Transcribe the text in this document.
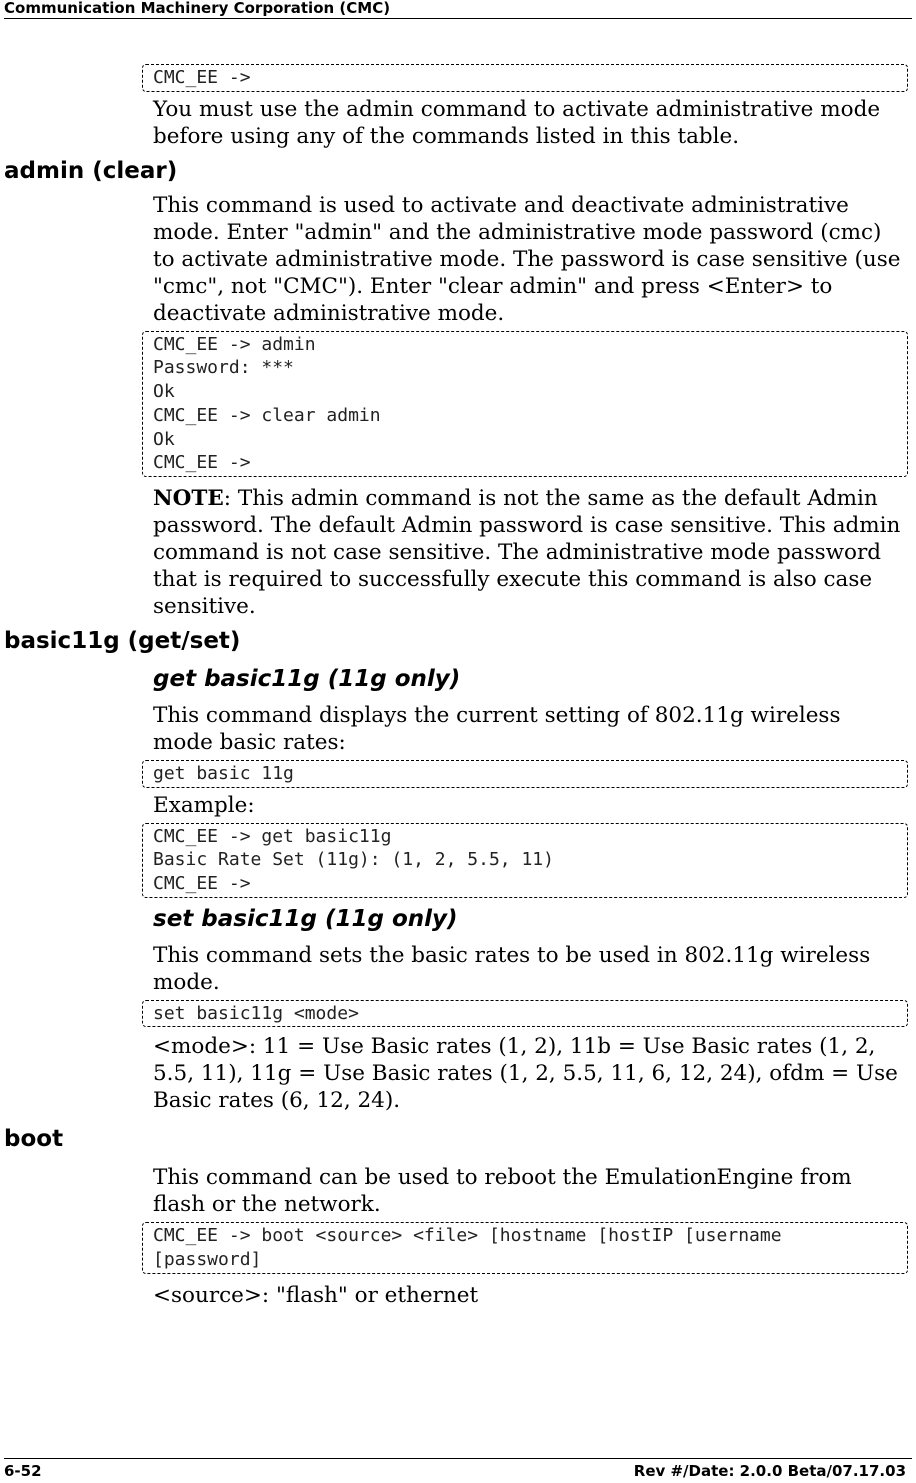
Communication Machinery Corporation (CMC)
CMC_EE ->
You must use the admin command to activate administrative mode before using any of the commands listed in this table.
admin (clear)
This command is used to activate and deactivate administrative mode. Enter "admin" and the administrative mode password (cmc) to activate administrative mode. The password is case sensitive (use "cmc", not "CMC"). Enter "clear admin" and press <Enter> to deactivate administrative mode.
CMC_EE -> admin
Password: ***
Ok
CMC_EE -> clear admin
Ok
CMC_EE ->
NOTE: This admin command is not the same as the default Admin password. The default Admin password is case sensitive. This admin command is not case sensitive. The administrative mode password that is required to successfully execute this command is also case sensitive.
basic11g (get/set)
get basic11g (11g only)
This command displays the current setting of 802.11g wireless mode basic rates:
get basic 11g
Example:
CMC_EE -> get basic11g
Basic Rate Set (11g): (1, 2, 5.5, 11)
CMC_EE ->
set basic11g (11g only)
This command sets the basic rates to be used in 802.11g wireless mode.
set basic11g <mode>
<mode>: 11 = Use Basic rates (1, 2), 11b = Use Basic rates (1, 2, 5.5, 11), 11g = Use Basic rates (1, 2, 5.5, 11, 6, 12, 24), ofdm = Use Basic rates (6, 12, 24).
boot
This command can be used to reboot the EmulationEngine from flash or the network.
CMC_EE -> boot <source> <file> [hostname [hostIP [username
[password]
<source>: "flash" or ethernet
6-52	Rev #/Date: 2.0.0 Beta/07.17.03
